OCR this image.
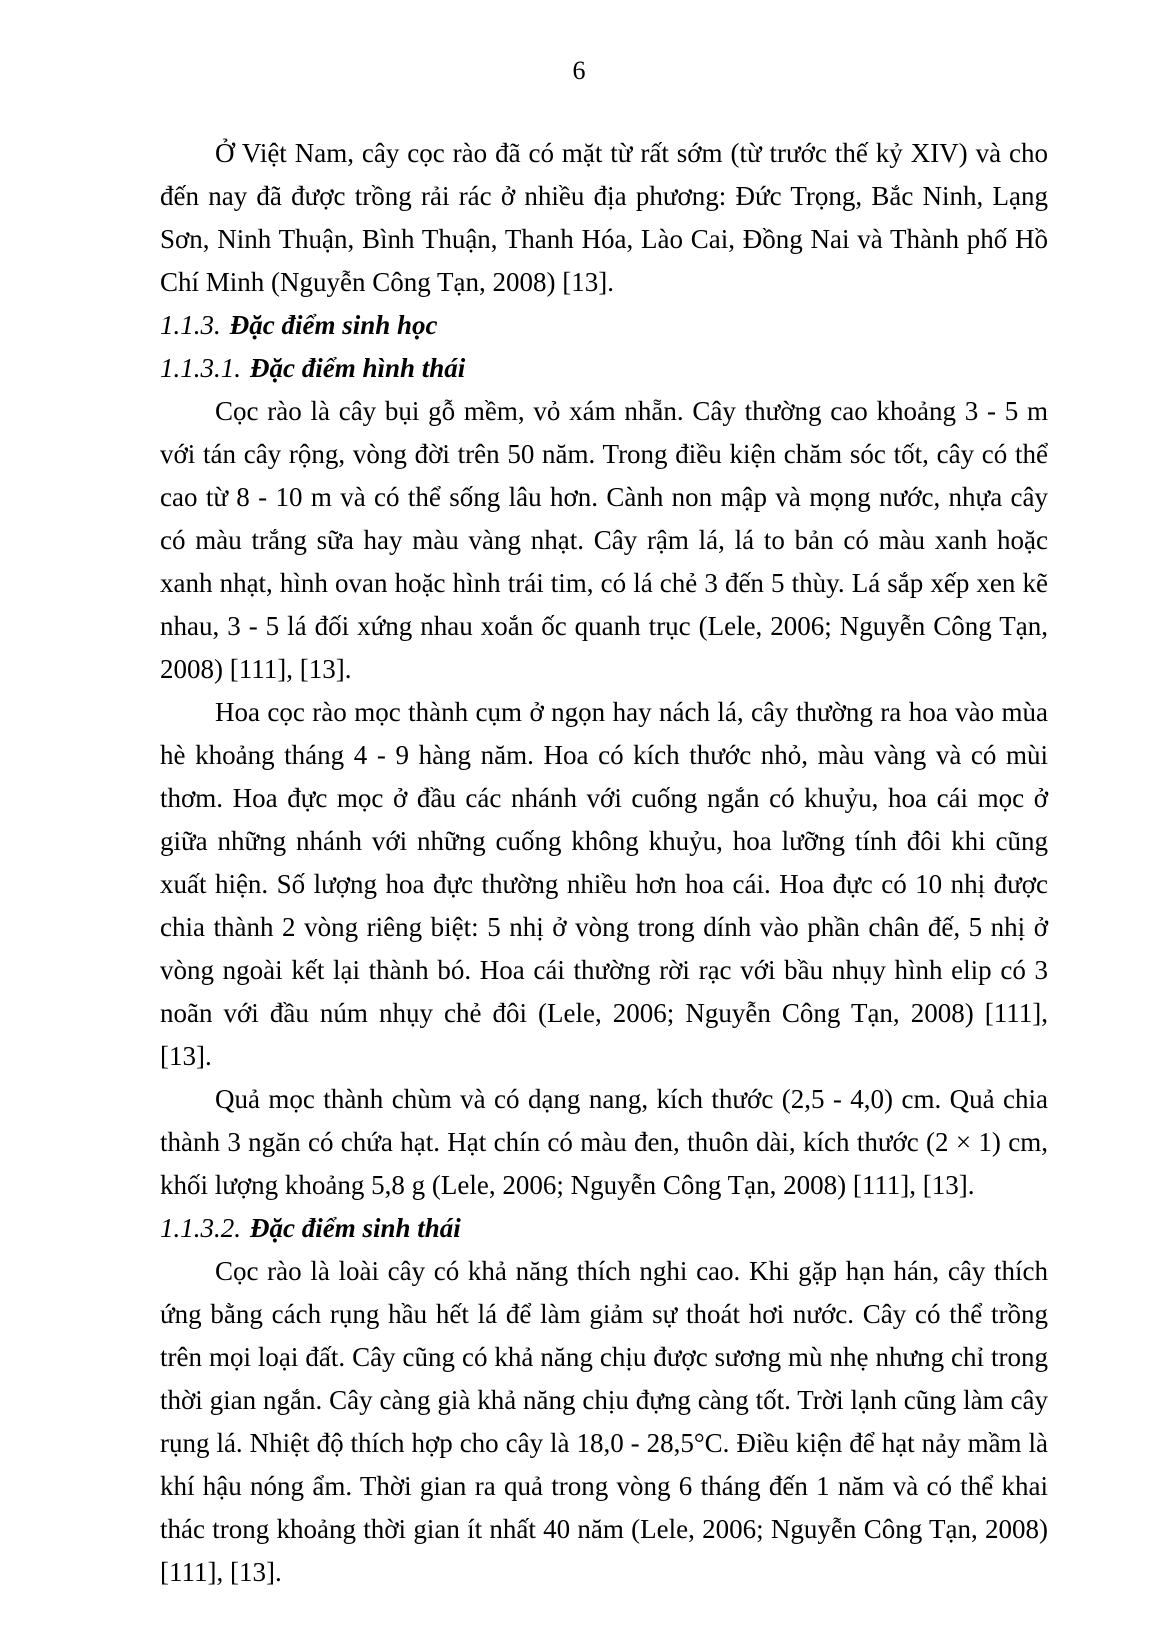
6

Ở Việt Nam, cây cọc rào đã có mặt từ rất sớm (từ trước thế kỷ XIV) và cho đến nay đã được trồng rải rác ở nhiều địa phương: Đức Trọng, Bắc Ninh, Lạng Sơn, Ninh Thuận, Bình Thuận, Thanh Hóa, Lào Cai, Đồng Nai và Thành phố Hồ Chí Minh (Nguyễn Công Tạn, 2008) [13].

1.1.3. Đặc điểm sinh học
1.1.3.1. Đặc điểm hình thái

Cọc rào là cây bụi gỗ mềm, vỏ xám nhẵn. Cây thường cao khoảng 3 - 5 m với tán cây rộng, vòng đời trên 50 năm. Trong điều kiện chăm sóc tốt, cây có thể cao từ 8 - 10 m và có thể sống lâu hơn. Cành non mập và mọng nước, nhựa cây có màu trắng sữa hay màu vàng nhạt. Cây rậm lá, lá to bản có màu xanh hoặc xanh nhạt, hình ovan hoặc hình trái tim, có lá chẻ 3 đến 5 thùy. Lá sắp xếp xen kẽ nhau, 3 - 5 lá đối xứng nhau xoắn ốc quanh trục (Lele, 2006; Nguyễn Công Tạn, 2008) [111], [13].

Hoa cọc rào mọc thành cụm ở ngọn hay nách lá, cây thường ra hoa vào mùa hè khoảng tháng 4 - 9 hàng năm. Hoa có kích thước nhỏ, màu vàng và có mùi thơm. Hoa đực mọc ở đầu các nhánh với cuống ngắn có khuỷu, hoa cái mọc ở giữa những nhánh với những cuống không khuỷu, hoa lưỡng tính đôi khi cũng xuất hiện. Số lượng hoa đực thường nhiều hơn hoa cái. Hoa đực có 10 nhị được chia thành 2 vòng riêng biệt: 5 nhị ở vòng trong dính vào phần chân đế, 5 nhị ở vòng ngoài kết lại thành bó. Hoa cái thường rời rạc với bầu nhụy hình elip có 3 noãn với đầu núm nhụy chẻ đôi (Lele, 2006; Nguyễn Công Tạn, 2008) [111], [13].

Quả mọc thành chùm và có dạng nang, kích thước (2,5 - 4,0) cm. Quả chia thành 3 ngăn có chứa hạt. Hạt chín có màu đen, thuôn dài, kích thước (2 × 1) cm, khối lượng khoảng 5,8 g (Lele, 2006; Nguyễn Công Tạn, 2008) [111], [13].

1.1.3.2. Đặc điểm sinh thái

Cọc rào là loài cây có khả năng thích nghi cao. Khi gặp hạn hán, cây thích ứng bằng cách rụng hầu hết lá để làm giảm sự thoát hơi nước. Cây có thể trồng trên mọi loại đất. Cây cũng có khả năng chịu được sương mù nhẹ nhưng chỉ trong thời gian ngắn. Cây càng già khả năng chịu đựng càng tốt. Trời lạnh cũng làm cây rụng lá. Nhiệt độ thích hợp cho cây là 18,0 - 28,5°C. Điều kiện để hạt nảy mầm là khí hậu nóng ẩm. Thời gian ra quả trong vòng 6 tháng đến 1 năm và có thể khai thác trong khoảng thời gian ít nhất 40 năm (Lele, 2006; Nguyễn Công Tạn, 2008) [111], [13].
